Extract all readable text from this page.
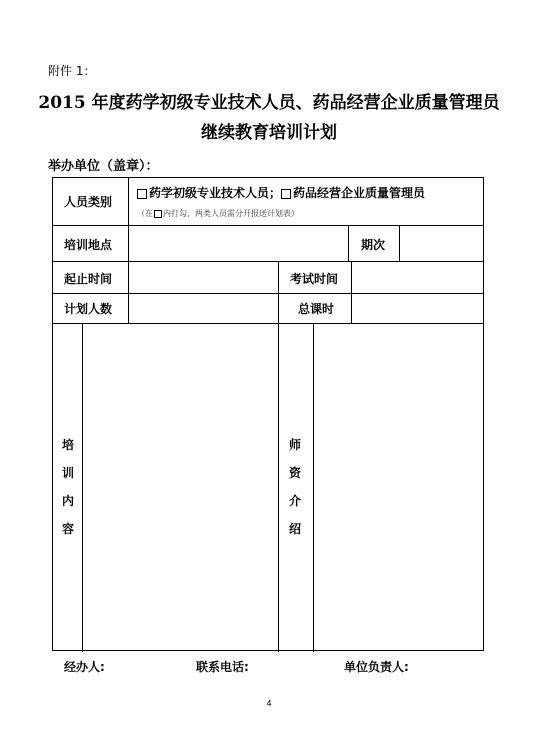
附件 1：
2015 年度药学初级专业技术人员、药品经营企业质量管理员
继续教育培训计划
举办单位（盖章）：
人员类别
药学初级专业技术人员； 药品经营企业质量管理员
（在 内打勾，两类人员需分开报送计划表）
培训地点	期次
起止时间	考试时间
计划人数	总课时
培
训
内
容
师
资
介
绍
经办人:	联系电话:	单位负责人:
4
